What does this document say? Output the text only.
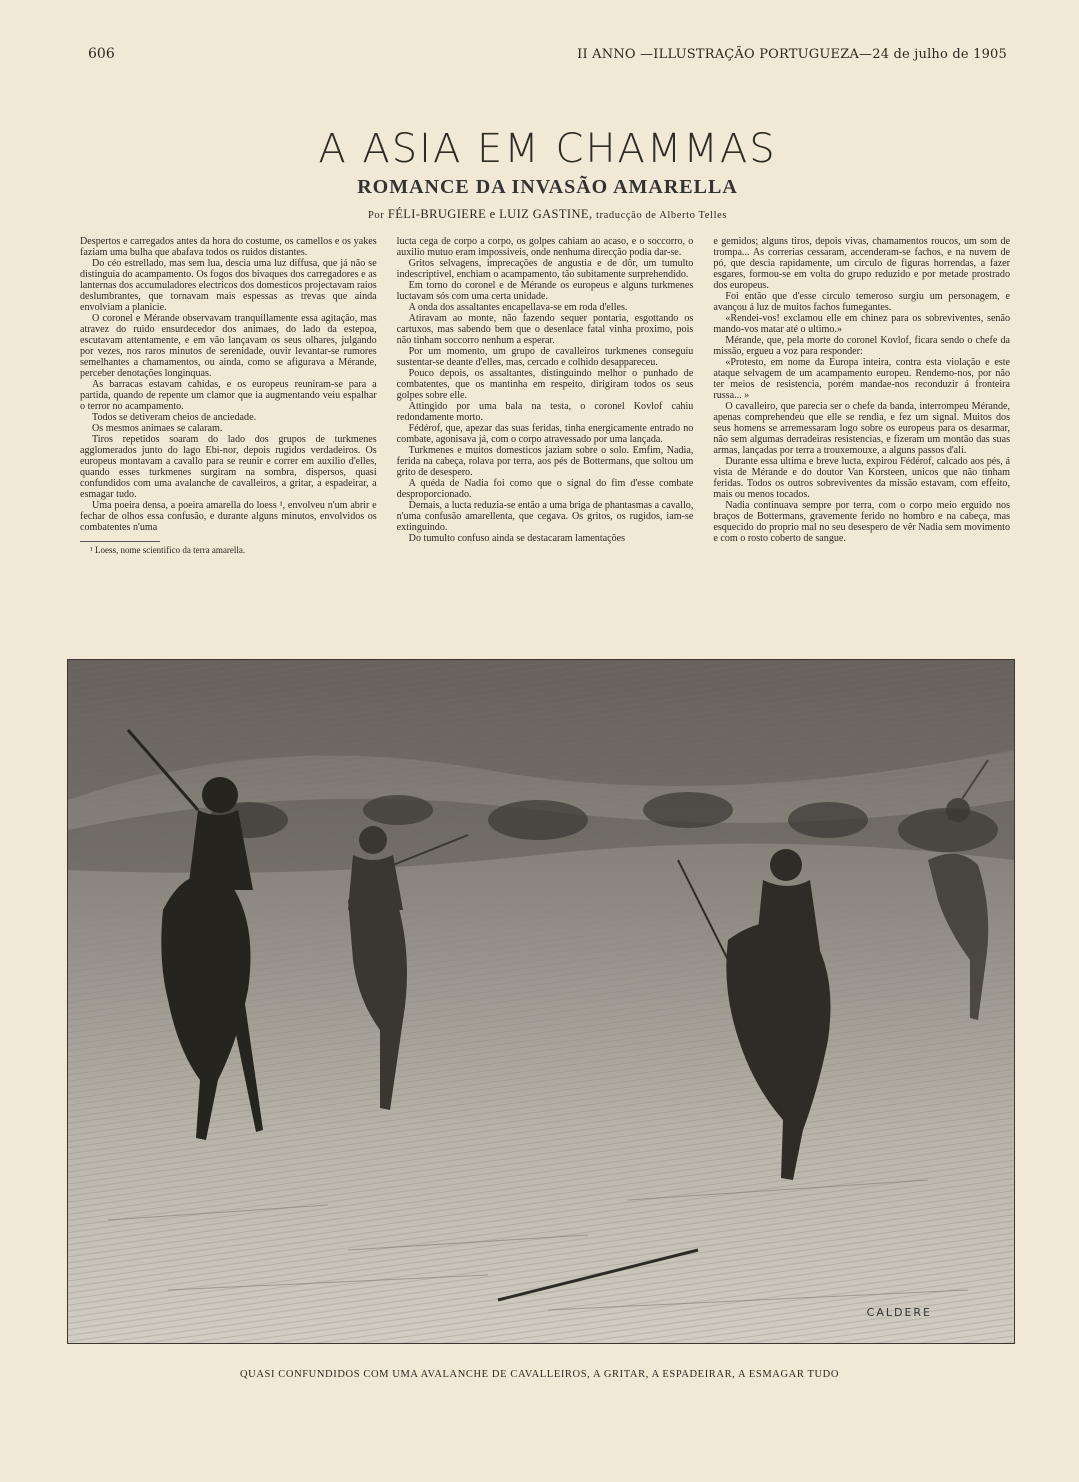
606	II ANNO —ILLUSTRAÇÃO PORTUGUEZA—24 de julho de 1905
A ASIA EM CHAMMAS
ROMANCE DA INVASÃO AMARELLA
Por FÉLI-BRUGIERE e LUIZ GASTINE, traducção de Alberto Telles

Despertos e carregados antes da hora do costume, os camellos e os yakes faziam uma bulha que abafava todos os ruidos distantes.

Do céo estrellado, mas sem lua, descia uma luz diffusa, que já não se distinguia do acampamento. Os fogos dos bivaques dos carregadores e as lanternas dos accumuladores electricos dos domesticos projectavam raios deslumbrantes, que tornavam mais espessas as trevas que ainda envolviam a planicie.

O coronel e Mérande observavam tranquillamente essa agitação, mas atravez do ruido ensurdecedor dos animaes, do lado da estepoa, escutavam attentamente, e em vão lançavam os seus olhares, julgando por vezes, nos raros minutos de serenidade, ouvir levantar-se rumores semelhantes a chamamentos, ou ainda, como se afigurava a Mérande, perceber denotações longinquas.

As barracas estavam cahidas, e os europeus reuniram-se para a partida, quando de repente um clamor que ia augmentando veiu espalhar o terror no acampamento.

Todos se detiveram cheios de anciedade.

Os mesmos animaes se calaram.

Tiros repetidos soaram do lado dos grupos de turkmenes agglomerados junto do lago Ebi-nor, depois rugidos verdadeiros. Os europeus montavam a cavallo para se reunir e correr em auxilio d'elles, quando esses turkmenes surgiram na sombra, dispersos, quasi confundidos com uma avalanche de cavalleiros, a gritar, a espadeirar, a esmagar tudo.

Uma poeira densa, a poeira amarella do loess ¹, envolveu n'um abrir e fechar de olhos essa confusão, e durante alguns minutos, envolvidos os combatentes n'uma

¹ Loess, nome scientifico da terra amarella.

lucta cega de corpo a corpo, os golpes cahiam ao acaso, e o soccorro, o auxilio mutuo eram impossiveis, onde nenhuma direcção podia dar-se.

Gritos selvagens, imprecações de angustia e de dôr, um tumulto indescriptivel, enchiam o acampamento, tão subitamente surprehendido.

Em torno do coronel e de Mérande os europeus e alguns turkmenes luctavam sós com uma certa unidade.

A onda dos assaltantes encapellava-se em roda d'elles.

Atiravam ao monte, não fazendo sequer pontaria, esgottando os cartuxos, mas sabendo bem que o desenlace fatal vinha proximo, pois não tinham soccorro nenhum a esperar.

Por um momento, um grupo de cavalleiros turkmenes conseguiu sustentar-se deante d'elles, mas, cercado e colhido desappareceu.

Pouco depois, os assaltantes, distinguindo melhor o punhado de combatentes, que os mantinha em respeito, dirigiram todos os seus golpes sobre elle.

Attingido por uma bala na testa, o coronel Kovlof cahiu redondamente morto.

Fédérof, que, apezar das suas feridas, tinha energicamente entrado no combate, agonisava já, com o corpo atravessado por uma lançada.

Turkmenes e muitos domesticos jaziam sobre o solo. Emfim, Nadia, ferida na cabeça, rolava por terra, aos pés de Bottermans, que soltou um grito de desespero.

A quéda de Nadia foi como que o signal do fim d'esse combate desproporcionado.

Demais, a lucta reduzia-se então a uma briga de phantasmas a cavallo, n'uma confusão amarellenta, que cegava. Os gritos, os rugidos, iam-se extinguindo.

Do tumulto confuso ainda se destacaram lamentações

e gemidos; alguns tiros, depois vivas, chamamentos roucos, um som de trompa... As correrias cessaram, accenderam-se fachos, e na nuvem de pó, que descia rapidamente, um circulo de figuras horrendas, a fazer esgares, formou-se em volta do grupo reduzido e por metade prostrado dos europeus.

Foi então que d'esse circulo temeroso surgiu um personagem, e avançou á luz de muitos fachos fumegantes.

«Rendei-vos! exclamou elle em chinez para os sobreviventes, senão mando-vos matar até o ultimo.»

Mérande, que, pela morte do coronel Kovlof, ficara sendo o chefe da missão, ergueu a voz para responder:

«Protesto, em nome da Europa inteira, contra esta violação e este ataque selvagem de um acampamento europeu. Rendemo-nos, por não ter meios de resistencia, porém mandae-nos reconduzir á fronteira russa... »

O cavalleiro, que parecia ser o chefe da banda, interrompeu Mérande, apenas comprehendeu que elle se rendia, e fez um signal. Muitos dos seus homens se arremessaram logo sobre os europeus para os desarmar, não sem algumas derradeiras resistencias, e fizeram um montão das suas armas, lançadas por terra a trouxemouxe, a alguns passos d'ali.

Durante essa ultima e breve lucta, expirou Fédérof, calcado aos pés, á vista de Mérande e do doutor Van Korsteen, unicos que não tinham feridas. Todos os outros sobreviventes da missão estavam, com effeito, mais ou menos tocados.

Nadia continuava sempre por terra, com o corpo meio erguido nos braços de Bottermans, gravemente ferido no hombro e na cabeça, mas esquecido do proprio mal no seu desespero de vêr Nadia sem movimento e com o rosto coberto de sangue.

CALDERE
QUASI CONFUNDIDOS COM UMA AVALANCHE DE CAVALLEIROS, A GRITAR, A ESPADEIRAR, A ESMAGAR TUDO
